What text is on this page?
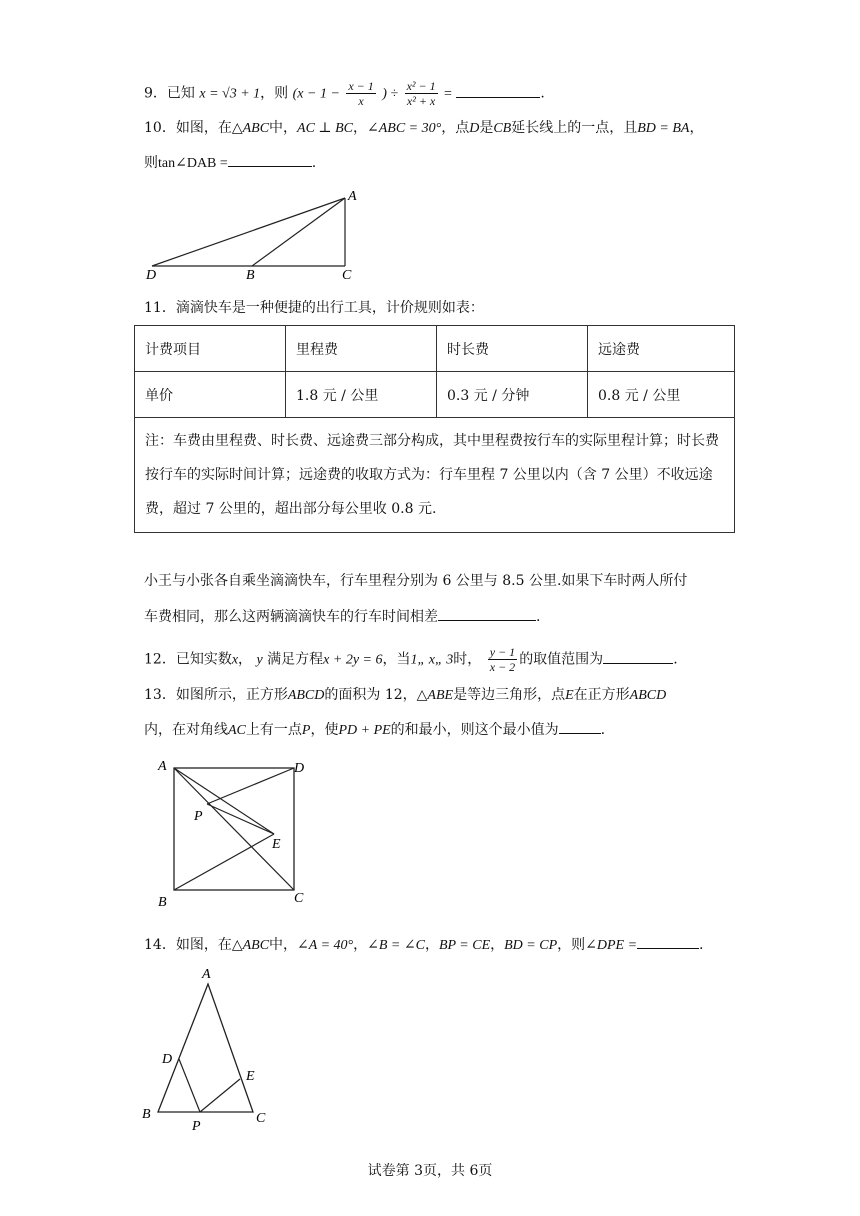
9．已知 x = √3 + 1，则 ($x - 1 - \frac{x - 1}{x}$ ) ÷ $\frac{\text{x² − 1}}{\text{x² + x}}$ =	.
10．如图，在△ABC中，AC ⊥ BC，∠ABC = 30°，点D是CB延长线上的一点，且BD = BA，
则tan∠DAB =	.
A
D	B	C
11．滴滴快车是一种便捷的出行工具，计价规则如表：
计费项目	里程费	时长费	远途费
单价	1.8 元 / 公里	0.3 元 / 分钟	0.8 元 / 公里
注：车费由里程费、时长费、远途费三部分构成，其中里程费按行车的实际里程计算；时长费按行车的实际时间计算；远途费的收取方式为：行车里程 7 公里以内（含 7 公里）不收远途费，超过 7 公里的，超出部分每公里收 0.8 元.			
小王与小张各自乘坐滴滴快车，行车里程分别为 6 公里与 8.5 公里.如果下车时两人所付
车费相同，那么这两辆滴滴快车的行车时间相差	.
12．已知实数x， y 满足方程x + 2y = 6，当1„ x„ 3时， $\frac{y - 1}{x - 2}$ 的取值范围为	.
13．如图所示，正方形ABCD的面积为 12，△ABE是等边三角形，点E在正方形ABCD
内，在对角线AC上有一点P，使PD + PE的和最小，则这个最小值为	.
A	D
P
E
B	C
14．如图，在△ABC中，∠A = 40°，∠B = ∠C，BP = CE，BD = CP，则∠DPE =	.
A
D
E
B
P
C
试卷第 3页，共 6页
